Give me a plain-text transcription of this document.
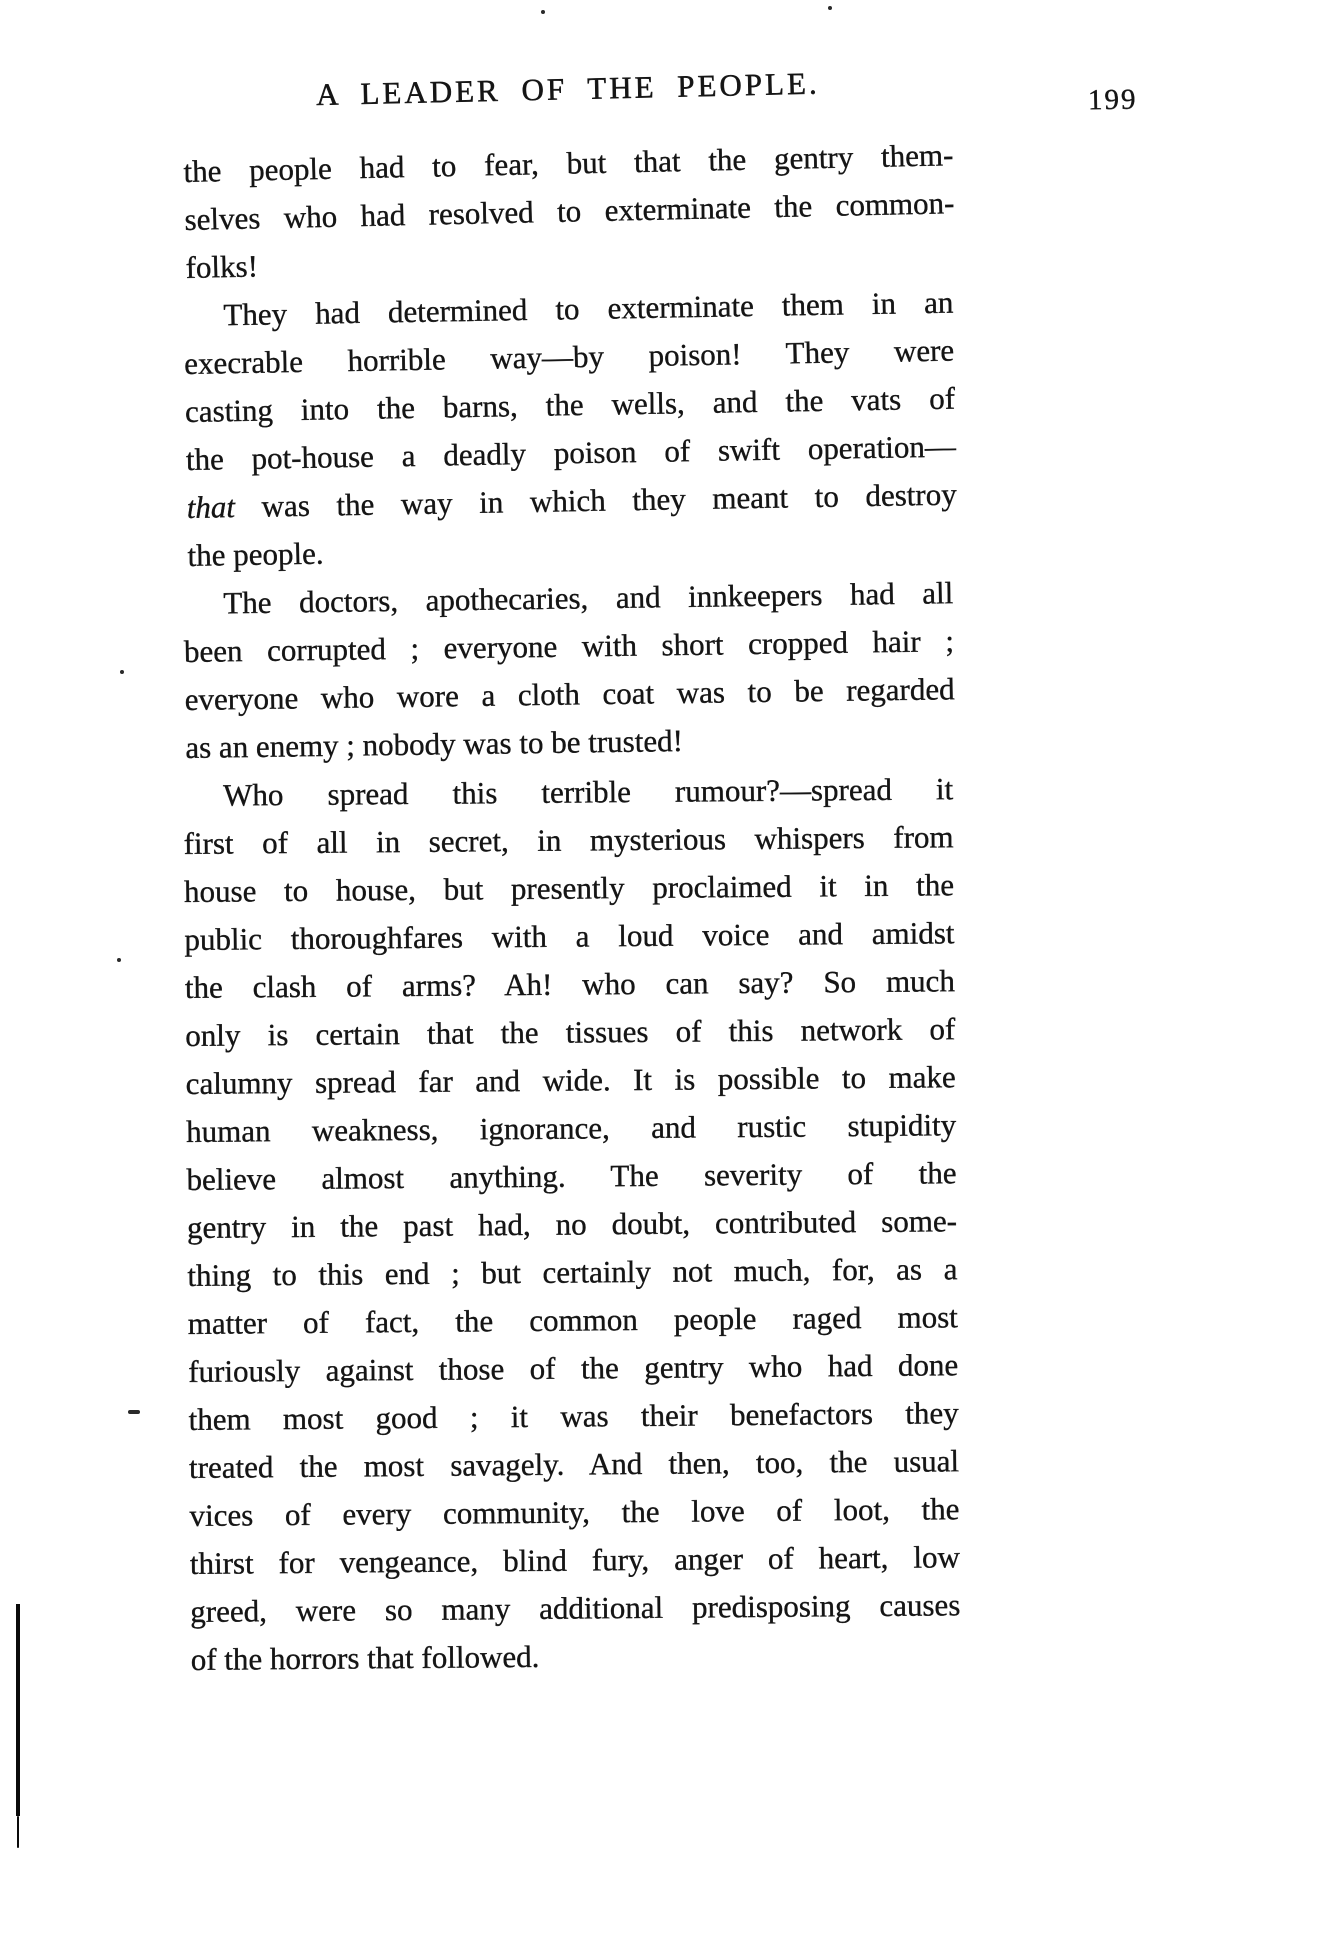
A LEADER OF THE PEOPLE.	199
the people had to fear, but that the gentry them-
selves who had resolved to exterminate the common-
folks!
They had determined to exterminate them in an
execrable horrible way—by poison! They were
casting into the barns, the wells, and the vats of
the pot-house a deadly poison of swift operation—
that was the way in which they meant to destroy
the people.
The doctors, apothecaries, and innkeepers had all
been corrupted ; everyone with short cropped hair ;
everyone who wore a cloth coat was to be regarded
as an enemy ; nobody was to be trusted!
Who spread this terrible rumour?—spread it
first of all in secret, in mysterious whispers from
house to house, but presently proclaimed it in the
public thoroughfares with a loud voice and amidst
the clash of arms? Ah! who can say? So much
only is certain that the tissues of this network of
calumny spread far and wide. It is possible to make
human weakness, ignorance, and rustic stupidity
believe almost anything. The severity of the
gentry in the past had, no doubt, contributed some-
thing to this end ; but certainly not much, for, as a
matter of fact, the common people raged most
furiously against those of the gentry who had done
them most good ; it was their benefactors they
treated the most savagely. And then, too, the usual
vices of every community, the love of loot, the
thirst for vengeance, blind fury, anger of heart, low
greed, were so many additional predisposing causes
of the horrors that followed.
